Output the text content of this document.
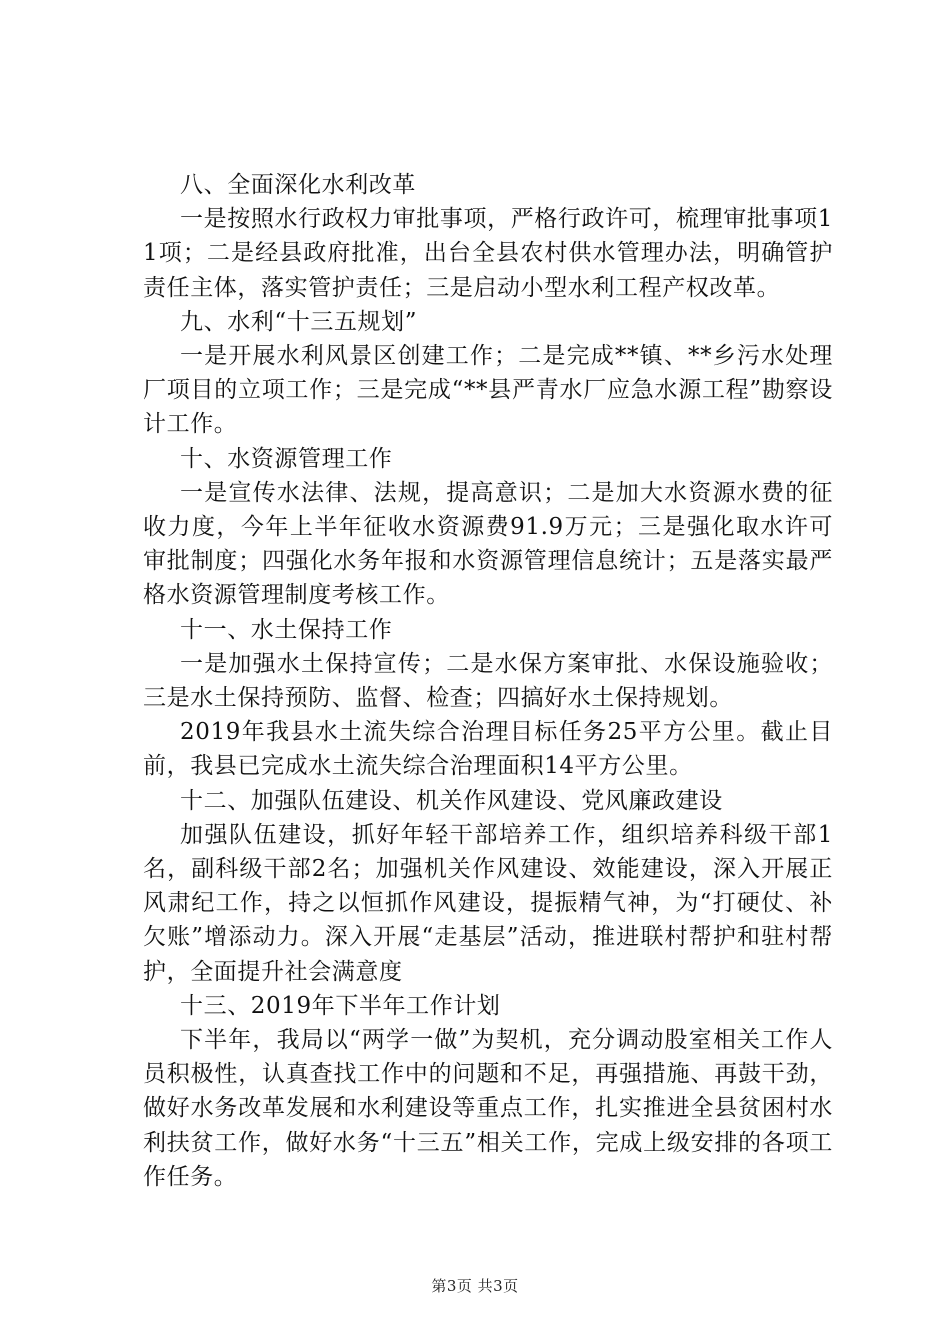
八、全面深化水利改革

一是按照水行政权力审批事项，严格行政许可，梳理审批事项11项；二是经县政府批准，出台全县农村供水管理办法，明确管护责任主体，落实管护责任；三是启动小型水利工程产权改革。

九、水利“十三五规划”

一是开展水利风景区创建工作；二是完成**镇、**乡污水处理厂项目的立项工作；三是完成“**县严青水厂应急水源工程”勘察设计工作。

十、水资源管理工作

一是宣传水法律、法规，提高意识；二是加大水资源水费的征收力度，今年上半年征收水资源费91.9万元；三是强化取水许可审批制度；四强化水务年报和水资源管理信息统计；五是落实最严格水资源管理制度考核工作。

十一、水土保持工作

一是加强水土保持宣传；二是水保方案审批、水保设施验收；三是水土保持预防、监督、检查；四搞好水土保持规划。

2019年我县水土流失综合治理目标任务25平方公里。截止目前，我县已完成水土流失综合治理面积14平方公里。

十二、加强队伍建设、机关作风建设、党风廉政建设

加强队伍建设，抓好年轻干部培养工作，组织培养科级干部1名，副科级干部2名；加强机关作风建设、效能建设，深入开展正风肃纪工作，持之以恒抓作风建设，提振精气神，为“打硬仗、补欠账”增添动力。深入开展“走基层”活动，推进联村帮护和驻村帮护，全面提升社会满意度

十三、2019年下半年工作计划

下半年，我局以“两学一做”为契机，充分调动股室相关工作人员积极性，认真查找工作中的问题和不足，再强措施、再鼓干劲，做好水务改革发展和水利建设等重点工作，扎实推进全县贫困村水利扶贫工作，做好水务“十三五”相关工作，完成上级安排的各项工作任务。

第3页 共3页
